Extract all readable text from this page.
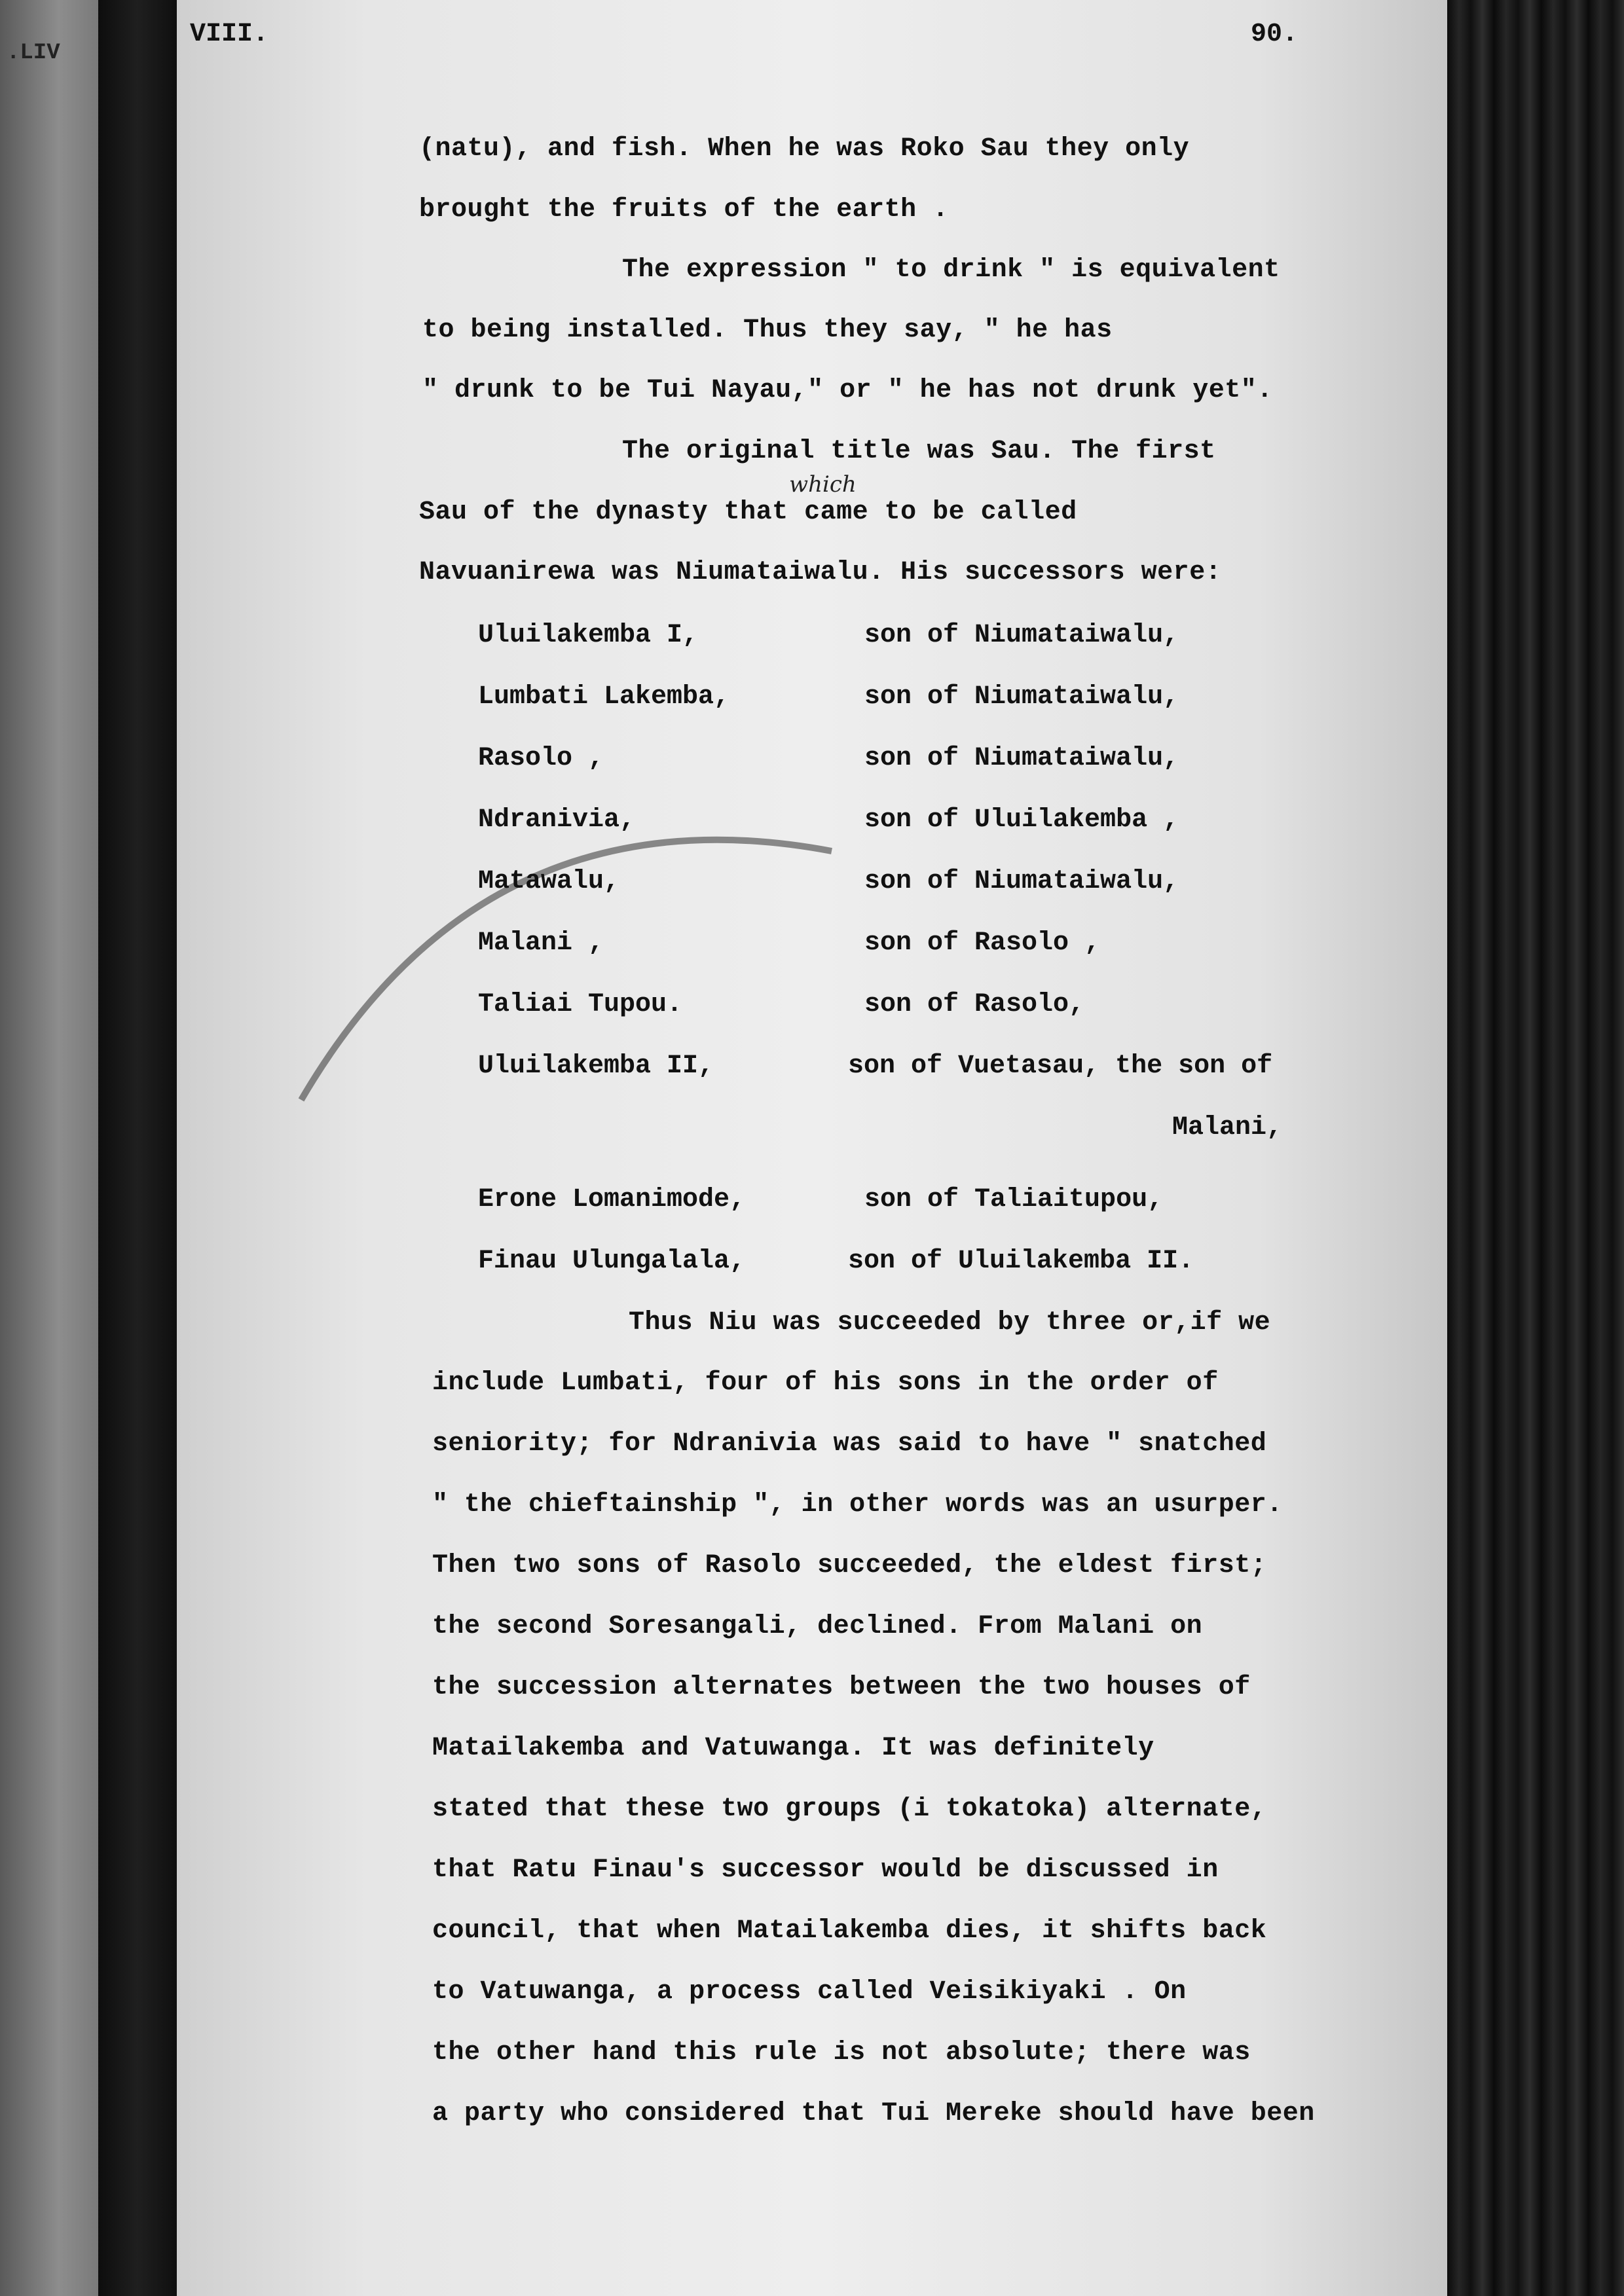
.LIV
VIII.	90.
(natu), and fish. When he was Roko Sau they only
brought the fruits of the earth .
The expression " to drink " is equivalent
to being installed. Thus they say, " he has
" drunk to be Tui Nayau," or " he has not drunk yet".
The original title was Sau. The first
which
Sau of the dynasty that came to be called
Navuanirewa was Niumataiwalu. His successors were:
Uluilakemba I,	son of Niumataiwalu,
Lumbati Lakemba,	son of Niumataiwalu,
Rasolo ,	son of Niumataiwalu,
Ndranivia,	son of Uluilakemba ,
Matawalu,	son of Niumataiwalu,
Malani ,	son of Rasolo ,
Taliai Tupou.	son of Rasolo,
Uluilakemba II,	son of Vuetasau, the son of
Malani,
Erone Lomanimode,	son of Taliaitupou,
Finau Ulungalala,	son of Uluilakemba II.
Thus Niu was succeeded by three or,if we
include Lumbati, four of his sons in the order of
seniority; for Ndranivia was said to have " snatched
" the chieftainship ", in other words was an usurper.
Then two sons of Rasolo succeeded, the eldest first;
the second Soresangali, declined. From Malani on
the succession alternates between the two houses of
Matailakemba and Vatuwanga. It was definitely
stated that these two groups (i tokatoka) alternate,
that Ratu Finau's successor would be discussed in
council, that when Matailakemba dies, it shifts back
to Vatuwanga, a process called Veisikiyaki . On
the other hand this rule is not absolute; there was
a party who considered that Tui Mereke should have been
